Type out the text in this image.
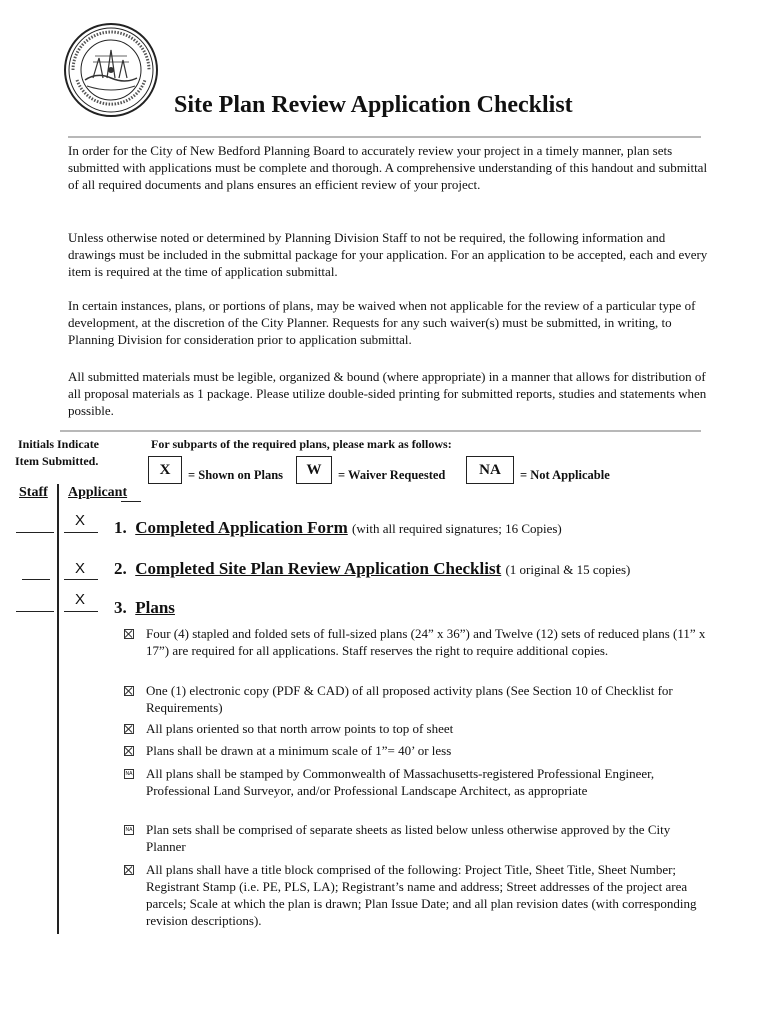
Site Plan Review Application Checklist
In order for the City of New Bedford Planning Board to accurately review your project in a timely manner, plan sets submitted with applications must be complete and thorough. A comprehensive understanding of this handout and submittal of all required documents and plans ensures an efficient review of your project.
Unless otherwise noted or determined by Planning Division Staff to not be required, the following information and drawings must be included in the submittal package for your application. For an application to be accepted, each and every item is required at the time of application submittal.
In certain instances, plans, or portions of plans, may be waived when not applicable for the review of a particular type of development, at the discretion of the City Planner. Requests for any such waiver(s) must be submitted, in writing, to Planning Division for consideration prior to application submittal.
All submitted materials must be legible, organized & bound (where appropriate) in a manner that allows for distribution of all proposal materials as 1 package. Please utilize double-sided printing for submitted reports, studies and statements when possible.
Initials Indicate
Item Submitted.
For subparts of the required plans, please mark as follows:
X	= Shown on Plans	W	= Waiver Requested	NA	= Not Applicable
Staff Applicant
X	1. Completed Application Form (with all required signatures; 16 Copies)
X	2. Completed Site Plan Review Application Checklist (1 original & 15 copies)
X	3. Plans
Four (4) stapled and folded sets of full-sized plans (24” x 36”) and Twelve (12) sets of reduced plans (11” x 17”) are required for all applications. Staff reserves the right to require additional copies.
One (1) electronic copy (PDF & CAD) of all proposed activity plans (See Section 10 of Checklist for Requirements)
All plans oriented so that north arrow points to top of sheet
Plans shall be drawn at a minimum scale of 1”= 40’ or less
NA All plans shall be stamped by Commonwealth of Massachusetts-registered Professional Engineer, Professional Land Surveyor, and/or Professional Landscape Architect, as appropriate
NA Plan sets shall be comprised of separate sheets as listed below unless otherwise approved by the City Planner
All plans shall have a title block comprised of the following: Project Title, Sheet Title, Sheet Number; Registrant Stamp (i.e. PE, PLS, LA); Registrant’s name and address; Street addresses of the project area parcels; Scale at which the plan is drawn; Plan Issue Date; and all plan revision dates (with corresponding revision descriptions).
